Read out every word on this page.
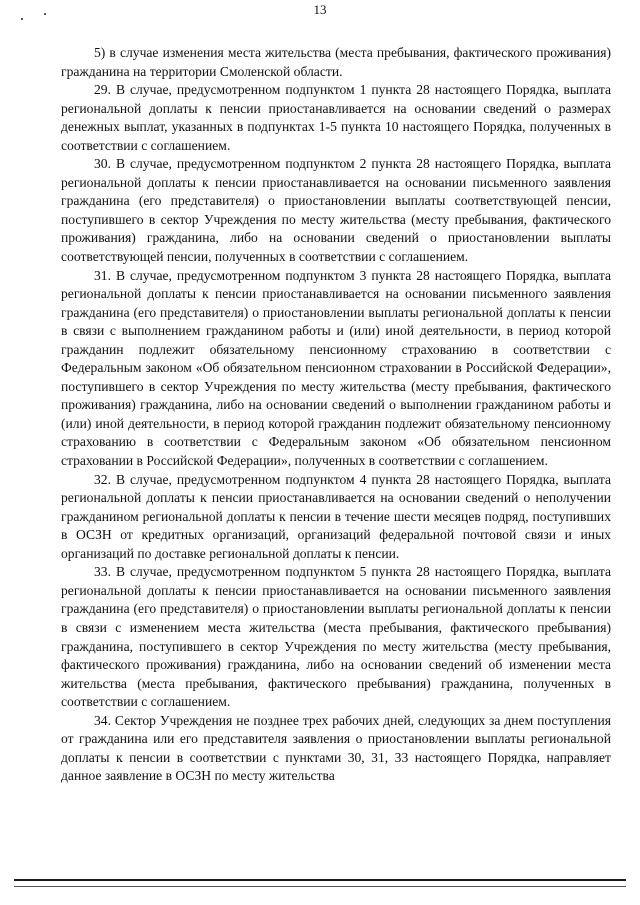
13

5) в случае изменения места жительства (места пребывания, фактического проживания) гражданина на территории Смоленской области.

29. В случае, предусмотренном подпунктом 1 пункта 28 настоящего Порядка, выплата региональной доплаты к пенсии приостанавливается на основании сведений о размерах денежных выплат, указанных в подпунктах 1-5 пункта 10 настоящего Порядка, полученных в соответствии с соглашением.

30. В случае, предусмотренном подпунктом 2 пункта 28 настоящего Порядка, выплата региональной доплаты к пенсии приостанавливается на основании письменного заявления гражданина (его представителя) о приостановлении выплаты соответствующей пенсии, поступившего в сектор Учреждения по месту жительства (месту пребывания, фактического проживания) гражданина, либо на основании сведений о приостановлении выплаты соответствующей пенсии, полученных в соответствии с соглашением.

31. В случае, предусмотренном подпунктом 3 пункта 28 настоящего Порядка, выплата региональной доплаты к пенсии приостанавливается на основании письменного заявления гражданина (его представителя) о приостановлении выплаты региональной доплаты к пенсии в связи с выполнением гражданином работы и (или) иной деятельности, в период которой гражданин подлежит обязательному пенсионному страхованию в соответствии с Федеральным законом «Об обязательном пенсионном страховании в Российской Федерации», поступившего в сектор Учреждения по месту жительства (месту пребывания, фактического проживания) гражданина, либо на основании сведений о выполнении гражданином работы и (или) иной деятельности, в период которой гражданин подлежит обязательному пенсионному страхованию в соответствии с Федеральным законом «Об обязательном пенсионном страховании в Российской Федерации», полученных в соответствии с соглашением.

32. В случае, предусмотренном подпунктом 4 пункта 28 настоящего Порядка, выплата региональной доплаты к пенсии приостанавливается на основании сведений о неполучении гражданином региональной доплаты к пенсии в течение шести месяцев подряд, поступивших в ОСЗН от кредитных организаций, организаций федеральной почтовой связи и иных организаций по доставке региональной доплаты к пенсии.

33. В случае, предусмотренном подпунктом 5 пункта 28 настоящего Порядка, выплата региональной доплаты к пенсии приостанавливается на основании письменного заявления гражданина (его представителя) о приостановлении выплаты региональной доплаты к пенсии в связи с изменением места жительства (места пребывания, фактического пребывания) гражданина, поступившего в сектор Учреждения по месту жительства (месту пребывания, фактического проживания) гражданина, либо на основании сведений об изменении места жительства (места пребывания, фактического пребывания) гражданина, полученных в соответствии с соглашением.

34. Сектор Учреждения не позднее трех рабочих дней, следующих за днем поступления от гражданина или его представителя заявления о приостановлении выплаты региональной доплаты к пенсии в соответствии с пунктами 30, 31, 33 настоящего Порядка, направляет данное заявление в ОСЗН по месту жительства
